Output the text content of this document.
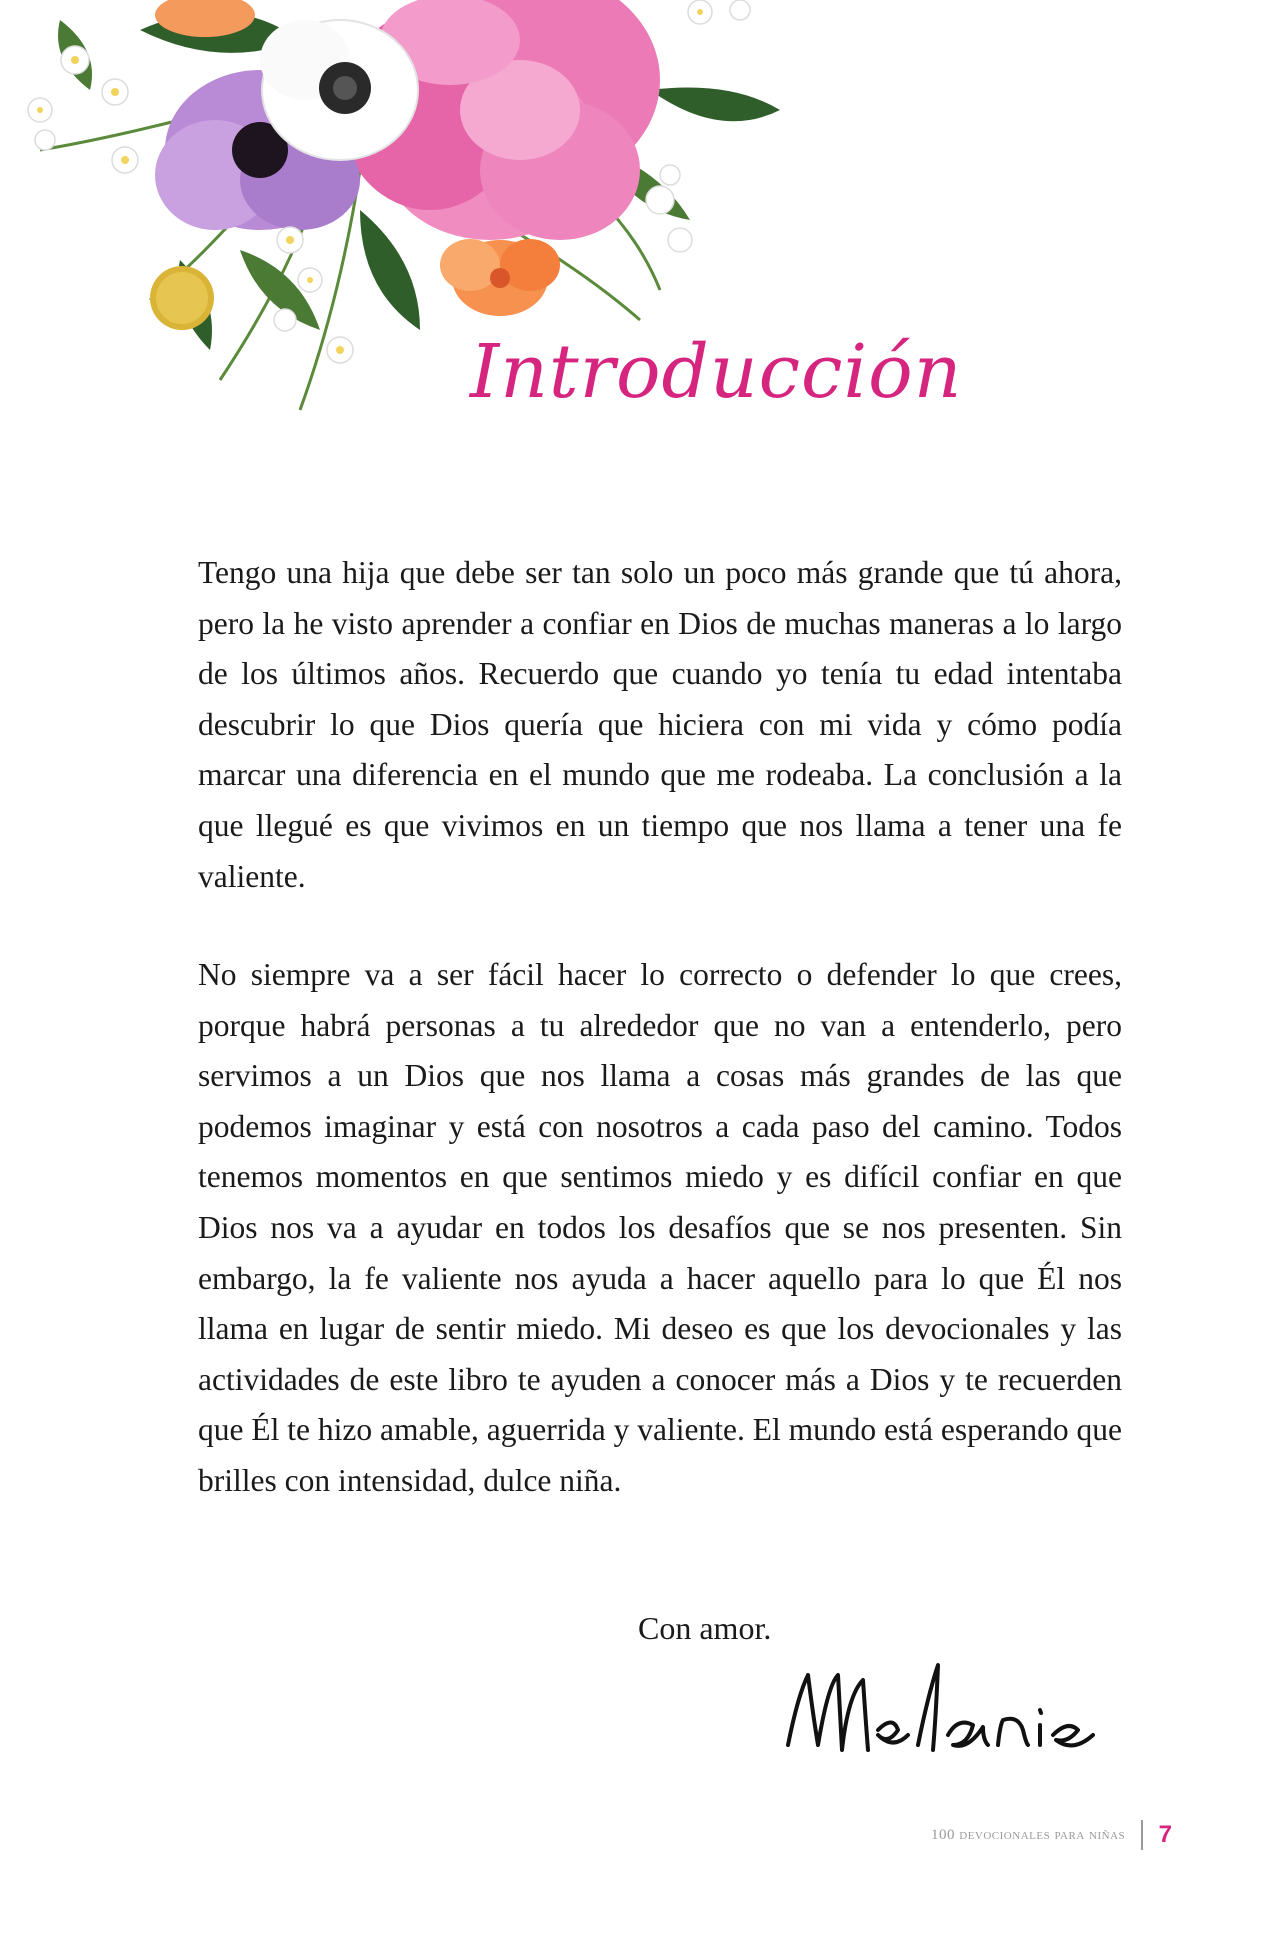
Introducción

Tengo una hija que debe ser tan solo un poco más grande que tú ahora, pero la he visto aprender a confiar en Dios de muchas maneras a lo largo de los últimos años. Recuerdo que cuando yo tenía tu edad intentaba descubrir lo que Dios quería que hiciera con mi vida y cómo podía marcar una diferencia en el mundo que me rodeaba. La conclusión a la que llegué es que vivimos en un tiempo que nos llama a tener una fe valiente.

No siempre va a ser fácil hacer lo correcto o defender lo que crees, porque habrá personas a tu alrededor que no van a entenderlo, pero servimos a un Dios que nos llama a cosas más grandes de las que podemos imaginar y está con nosotros a cada paso del camino. Todos tenemos momentos en que sentimos miedo y es difícil confiar en que Dios nos va a ayudar en todos los desafíos que se nos presenten. Sin embargo, la fe valiente nos ayuda a hacer aquello para lo que Él nos llama en lugar de sentir miedo. Mi deseo es que los devocionales y las actividades de este libro te ayuden a conocer más a Dios y te recuerden que Él te hizo amable, aguerrida y valiente. El mundo está esperando que brilles con intensidad, dulce niña.

Con amor.
100 devocionales para niñas 7
